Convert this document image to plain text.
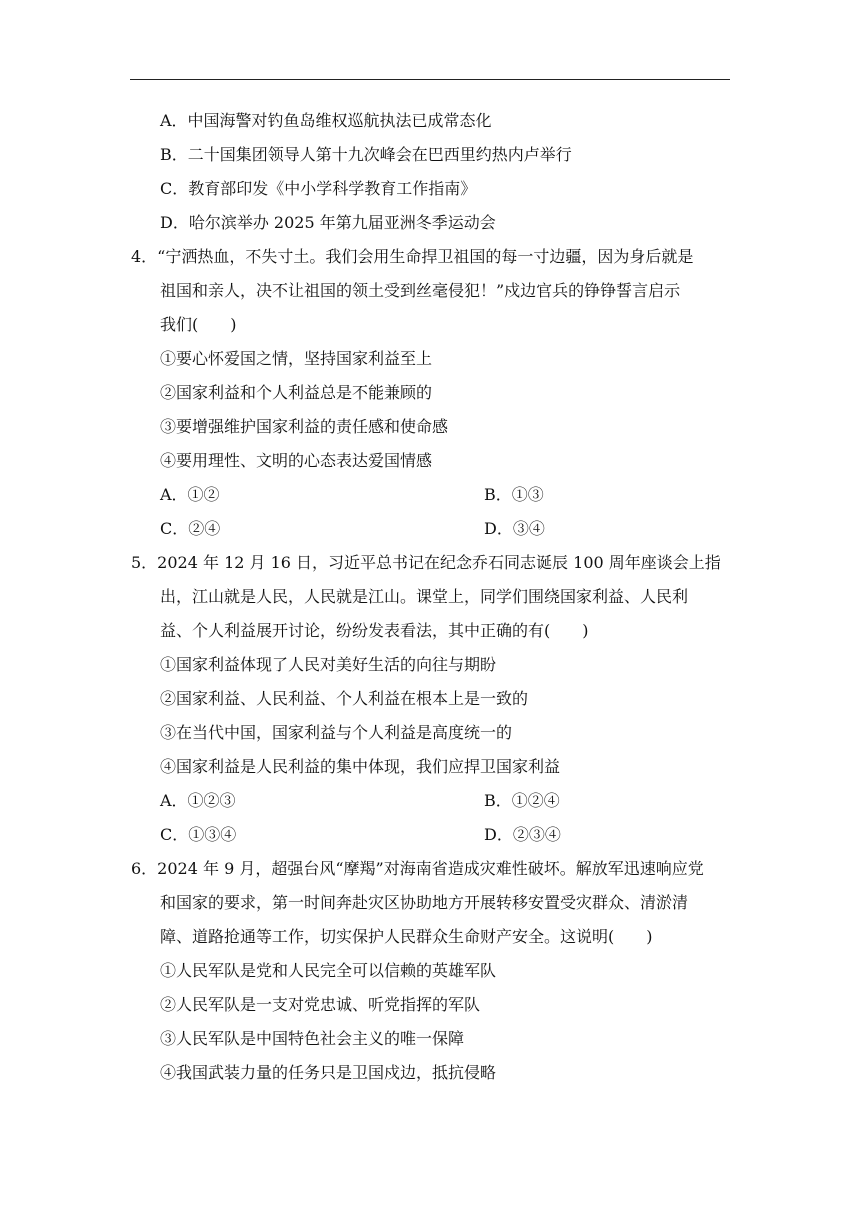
A．中国海警对钓鱼岛维权巡航执法已成常态化
B．二十国集团领导人第十九次峰会在巴西里约热内卢举行
C．教育部印发《中小学科学教育工作指南》
D．哈尔滨举办 2025 年第九届亚洲冬季运动会
4．“宁洒热血，不失寸土。我们会用生命捍卫祖国的每一寸边疆，因为身后就是
祖国和亲人，决不让祖国的领土受到丝毫侵犯！”戍边官兵的铮铮誓言启示
我们(　　)
①要心怀爱国之情，坚持国家利益至上
②国家利益和个人利益总是不能兼顾的
③要增强维护国家利益的责任感和使命感
④要用理性、文明的心态表达爱国情感
A．①②	B．①③
C．②④	D．③④
5．2024 年 12 月 16 日，习近平总书记在纪念乔石同志诞辰 100 周年座谈会上指
出，江山就是人民，人民就是江山。课堂上，同学们围绕国家利益、人民利
益、个人利益展开讨论，纷纷发表看法，其中正确的有(　　)
①国家利益体现了人民对美好生活的向往与期盼
②国家利益、人民利益、个人利益在根本上是一致的
③在当代中国，国家利益与个人利益是高度统一的
④国家利益是人民利益的集中体现，我们应捍卫国家利益
A．①②③	B．①②④
C．①③④	D．②③④
6．2024 年 9 月，超强台风“摩羯”对海南省造成灾难性破坏。解放军迅速响应党
和国家的要求，第一时间奔赴灾区协助地方开展转移安置受灾群众、清淤清
障、道路抢通等工作，切实保护人民群众生命财产安全。这说明(　　)
①人民军队是党和人民完全可以信赖的英雄军队
②人民军队是一支对党忠诚、听党指挥的军队
③人民军队是中国特色社会主义的唯一保障
④我国武装力量的任务只是卫国戍边，抵抗侵略
